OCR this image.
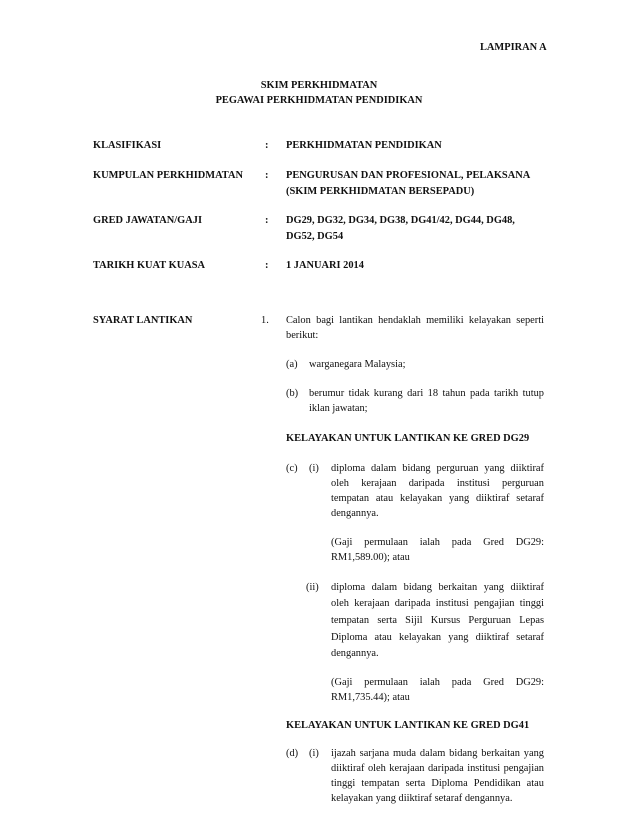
LAMPIRAN A
SKIM PERKHIDMATAN
PEGAWAI PERKHIDMATAN PENDIDIKAN
KLASIFIKASI	: PERKHIDMATAN PENDIDIKAN
KUMPULAN PERKHIDMATAN : PENGURUSAN DAN PROFESIONAL, PELAKSANA
(SKIM PERKHIDMATAN BERSEPADU)
GRED JAWATAN/GAJI	: DG29, DG32, DG34, DG38, DG41/42, DG44, DG48,
DG52, DG54
TARIKH KUAT KUASA	: 1 JANUARI 2014
SYARAT LANTIKAN	1. Calon bagi lantikan hendaklah memiliki kelayakan seperti
berikut:
(a) warganegara Malaysia;
(b) berumur tidak kurang dari 18 tahun pada tarikh tutup
iklan jawatan;
KELAYAKAN UNTUK LANTIKAN KE GRED DG29
(c) (i) diploma dalam bidang perguruan yang diiktiraf
oleh kerajaan daripada institusi perguruan
tempatan atau kelayakan yang diiktiraf setaraf
dengannya.
(Gaji permulaan ialah pada Gred DG29:
RM1,589.00); atau
(ii) diploma dalam bidang berkaitan yang diiktiraf
oleh kerajaan daripada institusi pengajian tinggi
tempatan serta Sijil Kursus Perguruan Lepas
Diploma atau kelayakan yang diiktiraf setaraf
dengannya.
(Gaji permulaan ialah pada Gred DG29:
RM1,735.44); atau
KELAYAKAN UNTUK LANTIKAN KE GRED DG41
(d) (i) ijazah sarjana muda dalam bidang berkaitan yang
diiktiraf oleh kerajaan daripada institusi pengajian
tinggi tempatan serta Diploma Pendidikan atau
kelayakan yang diiktiraf setaraf dengannya.
